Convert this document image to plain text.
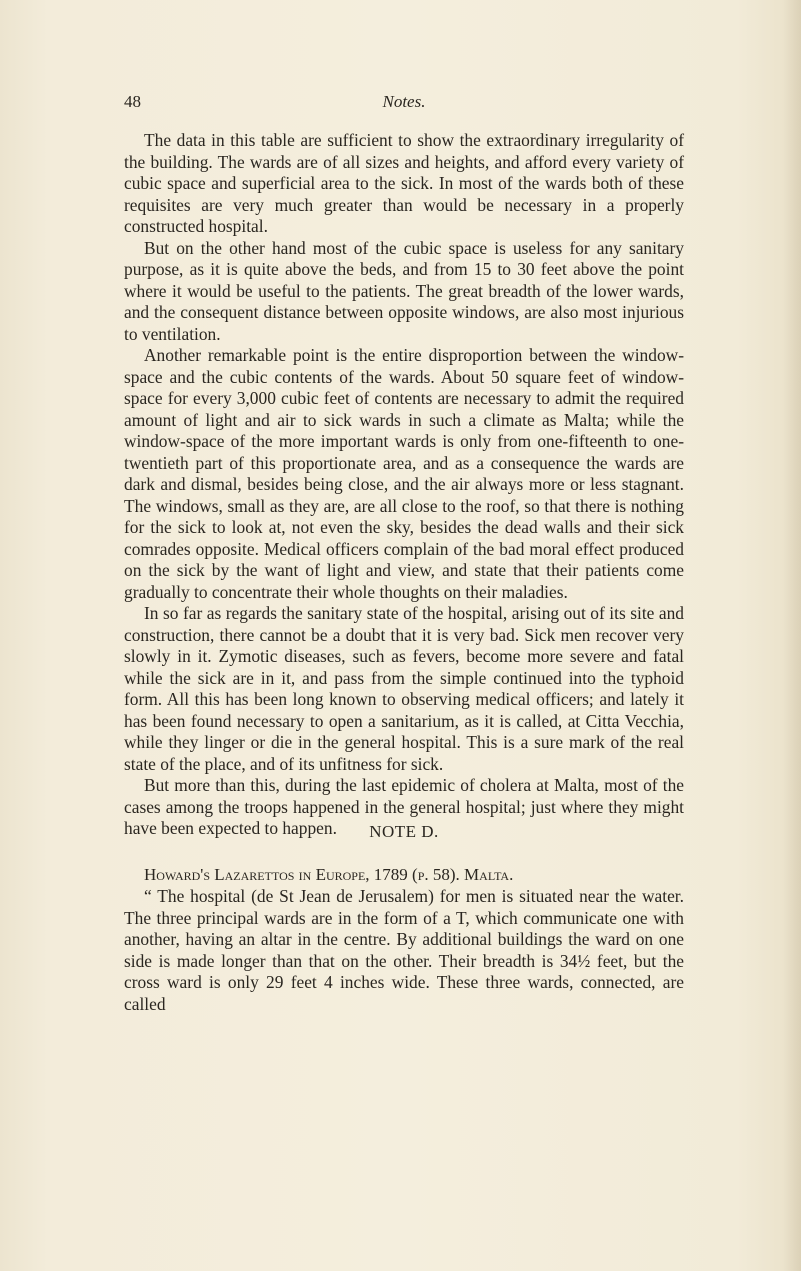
48	Notes.

The data in this table are sufficient to show the extraordinary irregularity of the building. The wards are of all sizes and heights, and afford every variety of cubic space and superficial area to the sick. In most of the wards both of these requisites are very much greater than would be necessary in a properly constructed hospital.

But on the other hand most of the cubic space is useless for any sanitary purpose, as it is quite above the beds, and from 15 to 30 feet above the point where it would be useful to the patients. The great breadth of the lower wards, and the consequent distance between opposite windows, are also most injurious to ventilation.

Another remarkable point is the entire disproportion between the window-space and the cubic contents of the wards. About 50 square feet of window-space for every 3,000 cubic feet of contents are necessary to admit the required amount of light and air to sick wards in such a climate as Malta; while the window-space of the more important wards is only from one-fifteenth to one-twentieth part of this proportionate area, and as a consequence the wards are dark and dismal, besides being close, and the air always more or less stagnant. The windows, small as they are, are all close to the roof, so that there is nothing for the sick to look at, not even the sky, besides the dead walls and their sick comrades opposite. Medical officers complain of the bad moral effect produced on the sick by the want of light and view, and state that their patients come gradually to concentrate their whole thoughts on their maladies.

In so far as regards the sanitary state of the hospital, arising out of its site and construction, there cannot be a doubt that it is very bad. Sick men recover very slowly in it. Zymotic diseases, such as fevers, become more severe and fatal while the sick are in it, and pass from the simple continued into the typhoid form. All this has been long known to observing medical officers; and lately it has been found necessary to open a sanitarium, as it is called, at Citta Vecchia, while they linger or die in the general hospital. This is a sure mark of the real state of the place, and of its unfitness for sick.

But more than this, during the last epidemic of cholera at Malta, most of the cases among the troops happened in the general hospital; just where they might have been expected to happen.	NOTE D.
Howard's Lazarettos in Europe, 1789 (p. 58). Malta.

“ The hospital (de St Jean de Jerusalem) for men is situated near the water. The three principal wards are in the form of a T, which communicate one with another, having an altar in the centre. By additional buildings the ward on one side is made longer than that on the other. Their breadth is 34½ feet, but the cross ward is only 29 feet 4 inches wide. These three wards, connected, are called
